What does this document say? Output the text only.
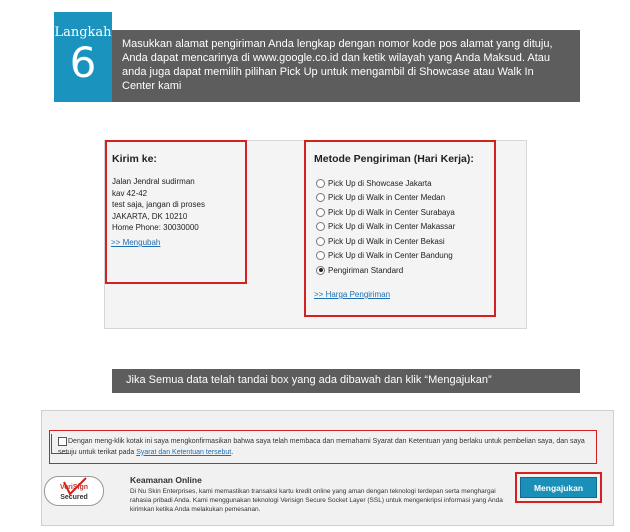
Langkah
6	Masukkan alamat pengiriman Anda lengkap dengan nomor kode pos alamat yang dituju, Anda dapat mencarinya di www.google.co.id dan ketik wilayah yang Anda Maksud. Atau anda juga dapat memilih pilihan Pick Up untuk mengambil di Showcase atau Walk In Center kami
Kirim ke:
Jalan Jendral sudirman
kav 42-42
test saja, jangan di proses
JAKARTA, DK 10210
Home Phone: 30030000
>> Mengubah
Metode Pengiriman (Hari Kerja):
Pick Up di Showcase Jakarta
Pick Up di Walk in Center Medan
Pick Up di Walk in Center Surabaya
Pick Up di Walk in Center Makassar
Pick Up di Walk in Center Bekasi
Pick Up di Walk in Center Bandung
Pengiriman Standard
>> Harga Pengiriman
Jika Semua data telah tandai box yang ada dibawah dan klik “Mengajukan”
Dengan meng-klik kotak ini saya mengkonfirmasikan bahwa saya telah membaca dan memahami Syarat dan Ketentuan yang berlaku untuk pembelian saya, dan saya setuju untuk terikat pada Syarat dan Ketentuan tersebut.
VeriSign
Secured
Keamanan Online
Di Nu Skin Enterprises, kami memastikan transaksi kartu kredit online yang aman dengan teknologi terdepan serta menghargai rahasia pribadi Anda. Kami menggunakan teknologi Verisign Secure Socket Layer (SSL) untuk mengenkripsi informasi yang Anda kirimkan ketika Anda melakukan pemesanan.
Mengajukan
